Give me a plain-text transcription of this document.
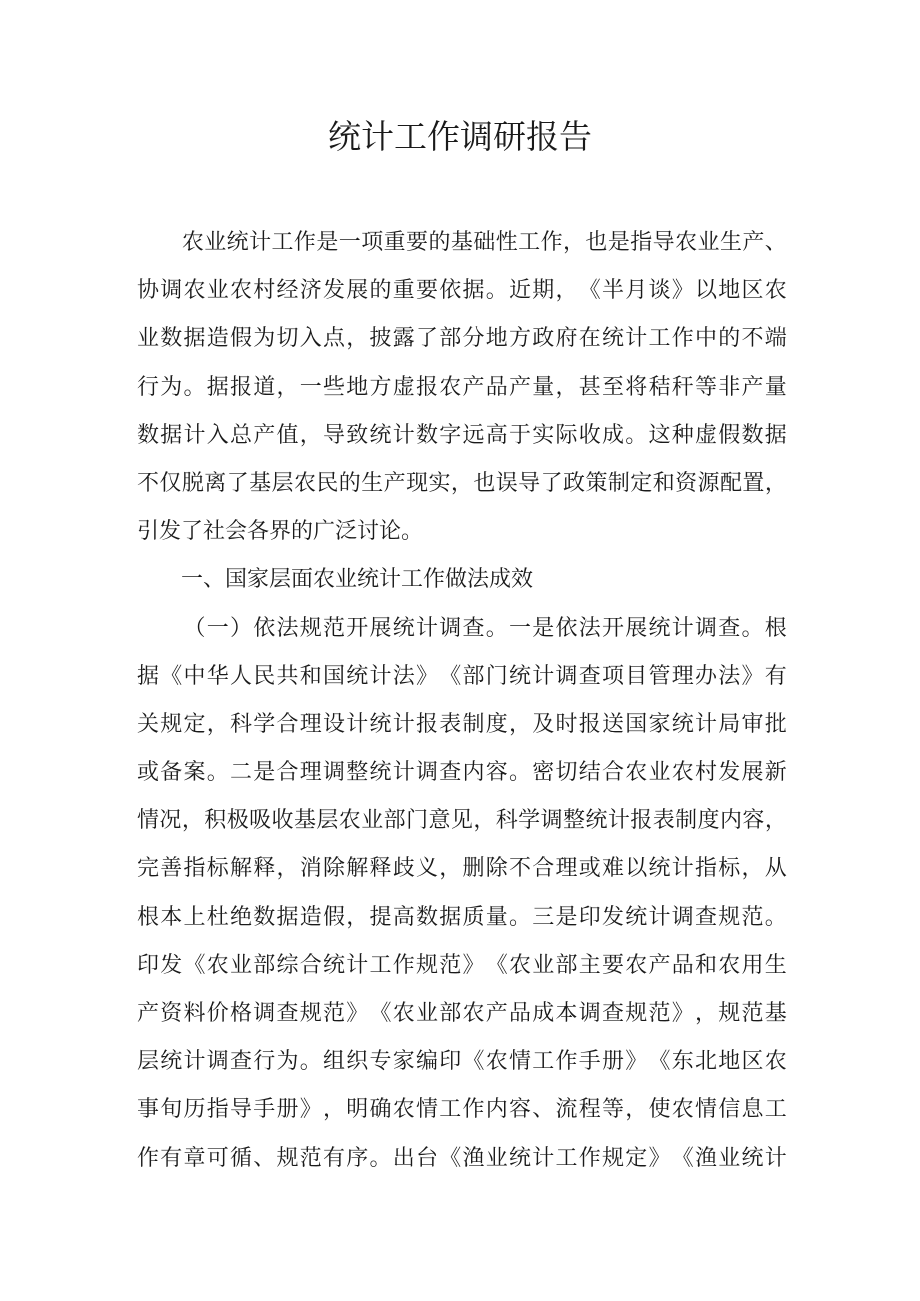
统计工作调研报告

农 业 统 计 工 作 是 一 项 重 要 的 基 础 性 工 作 ， 也 是 指 导 农 业 生 产 、
协 调 农 业 农 村 经 济 发 展 的 重 要 依 据 。 近 期 ， 《 半 月 谈 》 以 地 区 农
业 数 据 造 假 为 切 入 点 ， 披 露 了 部 分 地 方 政 府 在 统 计 工 作 中 的 不 端
行 为 。 据 报 道 ， 一 些 地 方 虚 报 农 产 品 产 量 ， 甚 至 将 秸 秆 等 非 产 量
数 据 计 入 总 产 值 ， 导 致 统 计 数 字 远 高 于 实 际 收 成 。 这 种 虚 假 数 据
不 仅 脱 离 了 基 层 农 民 的 生 产 现 实 ， 也 误 导 了 政 策 制 定 和 资 源 配 置 ，
引发了社会各界的广泛讨论。
　　一、国家层面农业统计工作做法成效

（ 一 ） 依 法 规 范 开 展 统 计 调 查 。 一 是 依 法 开 展 统 计 调 查 。 根
据 《 中 华 人 民 共 和 国 统 计 法 》 《 部 门 统 计 调 查 项 目 管 理 办 法 》 有
关 规 定 ， 科 学 合 理 设 计 统 计 报 表 制 度 ， 及 时 报 送 国 家 统 计 局 审 批
或 备 案 。 二 是 合 理 调 整 统 计 调 查 内 容 。 密 切 结 合 农 业 农 村 发 展 新
情 况 ， 积 极 吸 收 基 层 农 业 部 门 意 见 ， 科 学 调 整 统 计 报 表 制 度 内 容 ，
完 善 指 标 解 释 ， 消 除 解 释 歧 义 ， 删 除 不 合 理 或 难 以 统 计 指 标 ， 从
根 本 上 杜 绝 数 据 造 假 ， 提 高 数 据 质 量 。 三 是 印 发 统 计 调 查 规 范 。
印 发 《 农 业 部 综 合 统 计 工 作 规 范 》 《 农 业 部 主 要 农 产 品 和 农 用 生
产 资 料 价 格 调 查 规 范 》 《 农 业 部 农 产 品 成 本 调 查 规 范 》 ， 规 范 基
层 统 计 调 查 行 为 。 组 织 专 家 编 印 《 农 情 工 作 手 册 》 《 东 北 地 区 农
事 旬 历 指 导 手 册 》 ， 明 确 农 情 工 作 内 容 、 流 程 等 ， 使 农 情 信 息 工
作 有 章 可 循 、 规 范 有 序 。 出 台 《 渔 业 统 计 工 作 规 定 》 《 渔 业 统 计
